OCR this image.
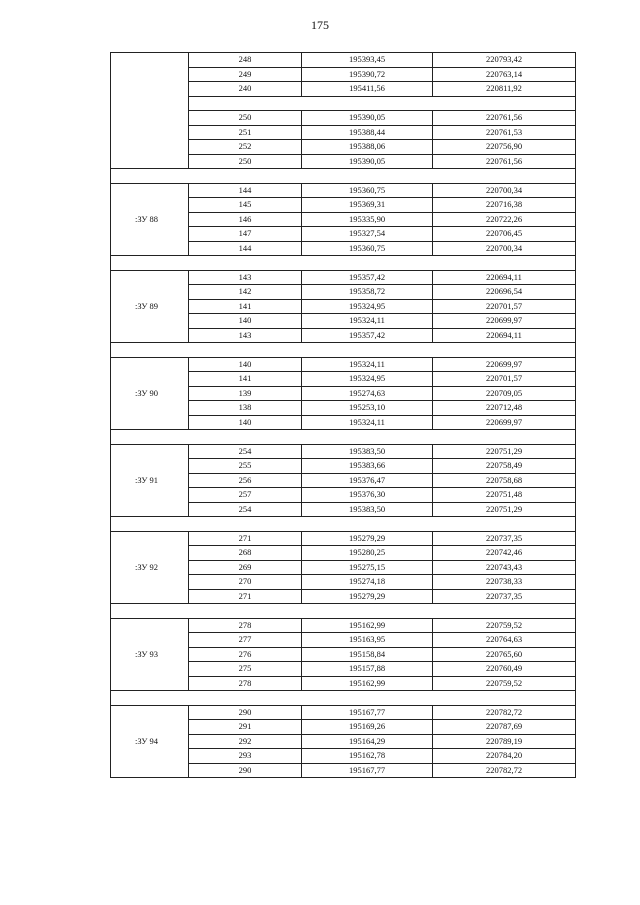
175
	248	195393,45	220793,42
	249	195390,72	220763,14
	240	195411,56	220811,92

	250	195390,05	220761,56
	251	195388,44	220761,53
	252	195388,06	220756,90
	250	195390,05	220761,56

:ЗУ 88	144	195360,75	220700,34
	145	195369,31	220716,38
	146	195335,90	220722,26
	147	195327,54	220706,45
	144	195360,75	220700,34

:ЗУ 89	143	195357,42	220694,11
	142	195358,72	220696,54
	141	195324,95	220701,57
	140	195324,11	220699,97
	143	195357,42	220694,11

:ЗУ 90	140	195324,11	220699,97
	141	195324,95	220701,57
	139	195274,63	220709,05
	138	195253,10	220712,48
	140	195324,11	220699,97

:ЗУ 91	254	195383,50	220751,29
	255	195383,66	220758,49
	256	195376,47	220758,68
	257	195376,30	220751,48
	254	195383,50	220751,29

:ЗУ 92	271	195279,29	220737,35
	268	195280,25	220742,46
	269	195275,15	220743,43
	270	195274,18	220738,33
	271	195279,29	220737,35

:ЗУ 93	278	195162,99	220759,52
	277	195163,95	220764,63
	276	195158,84	220765,60
	275	195157,88	220760,49
	278	195162,99	220759,52

:ЗУ 94	290	195167,77	220782,72
	291	195169,26	220787,69
	292	195164,29	220789,19
	293	195162,78	220784,20
	290	195167,77	220782,72
